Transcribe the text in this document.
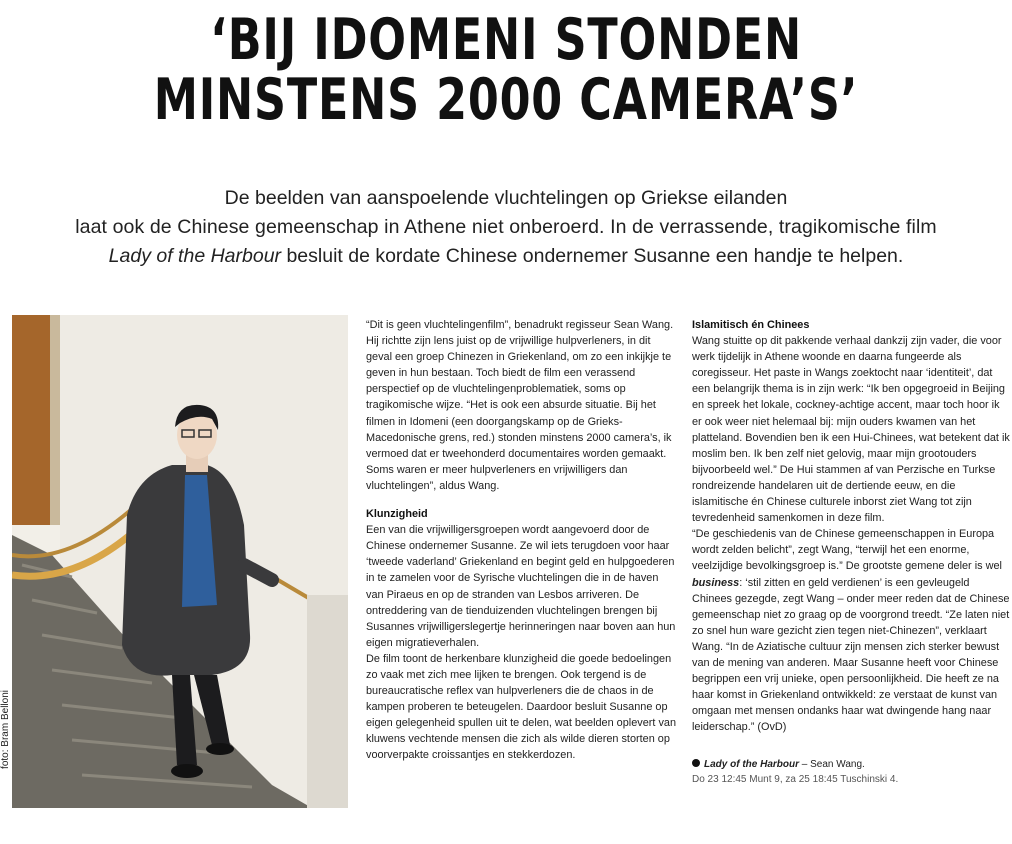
‘BIJ IDOMENI STONDEN
MINSTENS 2000 CAMERA’S’
De beelden van aanspoelende vluchtelingen op Griekse eilanden
laat ook de Chinese gemeenschap in Athene niet onberoerd. In de verrassende, tragikomische film
Lady of the Harbour besluit de kordate Chinese ondernemer Susanne een handje te helpen.
foto: Bram Belloni

“Dit is geen vluchtelingenfilm”, benadrukt regisseur Sean Wang. Hij richtte zijn lens juist op de vrijwillige hulpverleners, in dit geval een groep Chinezen in Griekenland, om zo een inkijkje te geven in hun bestaan. Toch biedt de film een verassend perspectief op de vluchtelingenproblematiek, soms op tragikomische wijze. “Het is ook een absurde situatie. Bij het filmen in Idomeni (een doorgangskamp op de Grieks-Macedonische grens, red.) stonden minstens 2000 camera’s, ik vermoed dat er tweehonderd documentaires worden gemaakt. Soms waren er meer hulpverleners en vrijwilligers dan vluchtelingen”, aldus Wang.

Klunzigheid

Een van die vrijwilligersgroepen wordt aangevoerd door de Chinese ondernemer Susanne. Ze wil iets terugdoen voor haar ‘tweede vaderland’ Griekenland en begint geld en hulpgoederen in te zamelen voor de Syrische vluchtelingen die in de haven van Piraeus en op de stranden van Lesbos arriveren. De ontreddering van de tienduizenden vluchtelingen brengen bij Susannes vrijwilligerslegertje herinneringen naar boven aan hun eigen migratieverhalen.

De film toont de herkenbare klunzigheid die goede bedoelingen zo vaak met zich mee lijken te brengen. Ook tergend is de bureaucratische reflex van hulpverleners die de chaos in de kampen proberen te beteugelen. Daardoor besluit Susanne op eigen gelegenheid spullen uit te delen, wat beelden oplevert van kluwens vechtende mensen die zich als wilde dieren storten op voorverpakte croissantjes en stekkerdozen.

Islamitisch én Chinees

Wang stuitte op dit pakkende verhaal dankzij zijn vader, die voor werk tijdelijk in Athene woonde en daarna fungeerde als coregisseur. Het paste in Wangs zoektocht naar ‘identiteit’, dat een belangrijk thema is in zijn werk: “Ik ben opgegroeid in Beijing en spreek het lokale, cockney-achtige accent, maar toch hoor ik er ook weer niet helemaal bij: mijn ouders kwamen van het platteland. Bovendien ben ik een Hui-Chinees, wat betekent dat ik moslim ben. Ik ben zelf niet gelovig, maar mijn grootouders bijvoorbeeld wel.” De Hui stammen af van Perzische en Turkse rondreizende handelaren uit de dertiende eeuw, en die islamitische én Chinese culturele inborst ziet Wang tot zijn tevredenheid samenkomen in deze film.

“De geschiedenis van de Chinese gemeenschappen in Europa wordt zelden belicht”, zegt Wang, “terwijl het een enorme, veelzijdige bevolkingsgroep is.” De grootste gemene deler is wel business: ‘stil zitten en geld verdienen’ is een gevleugeld Chinees gezegde, zegt Wang – onder meer reden dat de Chinese gemeenschap niet zo graag op de voorgrond treedt. “Ze laten niet zo snel hun ware gezicht zien tegen niet-Chinezen”, verklaart Wang. “In de Aziatische cultuur zijn mensen zich sterker bewust van de mening van anderen. Maar Susanne heeft voor Chinese begrippen een vrij unieke, open persoonlijkheid. Die heeft ze na haar komst in Griekenland ontwikkeld: ze verstaat de kunst van omgaan met mensen ondanks haar wat dwingende hang naar leiderschap.” (OvD)

Lady of the Harbour – Sean Wang.

Do 23 12:45 Munt 9, za 25 18:45 Tuschinski 4.
